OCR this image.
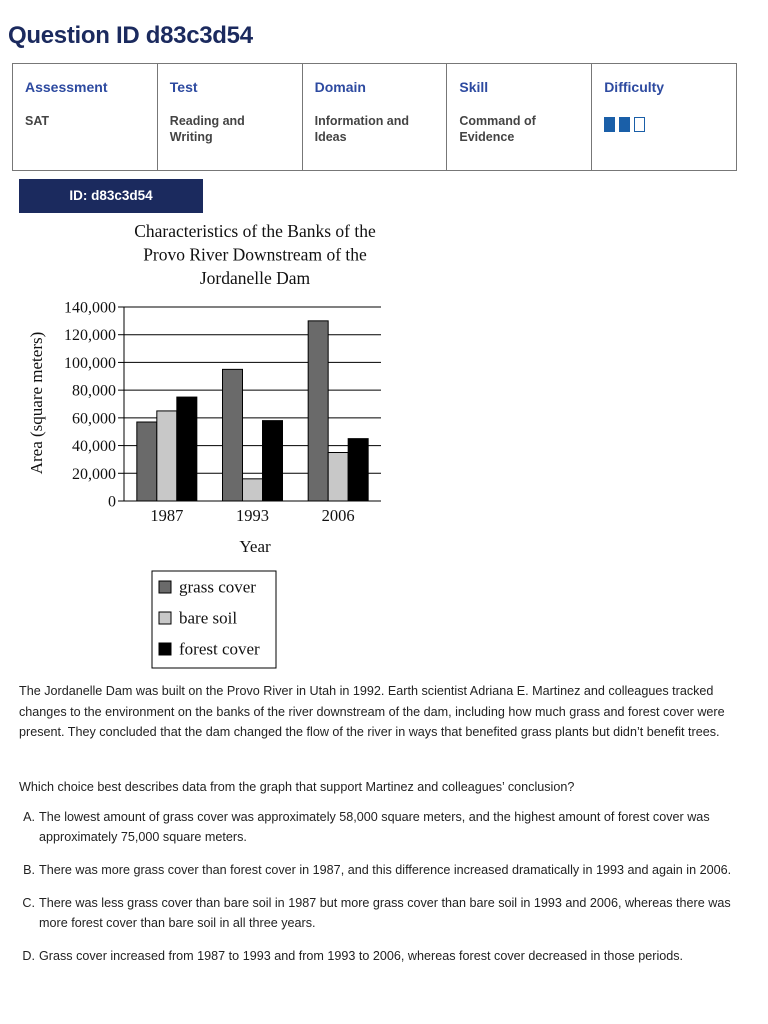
Question ID d83c3d54
Assessment
SAT

Test
Reading and Writing

Domain
Information and Ideas

Skill
Command of Evidence

Difficulty
ID: d83c3d54
Characteristics of the Banks of the
Provo River Downstream of the
Jordanelle Dam
0
20,000
40,000
60,000
80,000
100,000
120,000
140,000
1987	1993	2006
Area (square meters)
Year
grass cover
bare soil
forest cover
The Jordanelle Dam was built on the Provo River in Utah in 1992. Earth scientist Adriana E. Martinez and colleagues tracked changes to the environment on the banks of the river downstream of the dam, including how much grass and forest cover were present. They concluded that the dam changed the flow of the river in ways that benefited grass plants but didn’t benefit trees.
Which choice best describes data from the graph that support Martinez and colleagues’ conclusion?
A. The lowest amount of grass cover was approximately 58,000 square meters, and the highest amount of forest cover was approximately 75,000 square meters.
B. There was more grass cover than forest cover in 1987, and this difference increased dramatically in 1993 and again in 2006.
C. There was less grass cover than bare soil in 1987 but more grass cover than bare soil in 1993 and 2006, whereas there was more forest cover than bare soil in all three years.
D. Grass cover increased from 1987 to 1993 and from 1993 to 2006, whereas forest cover decreased in those periods.
